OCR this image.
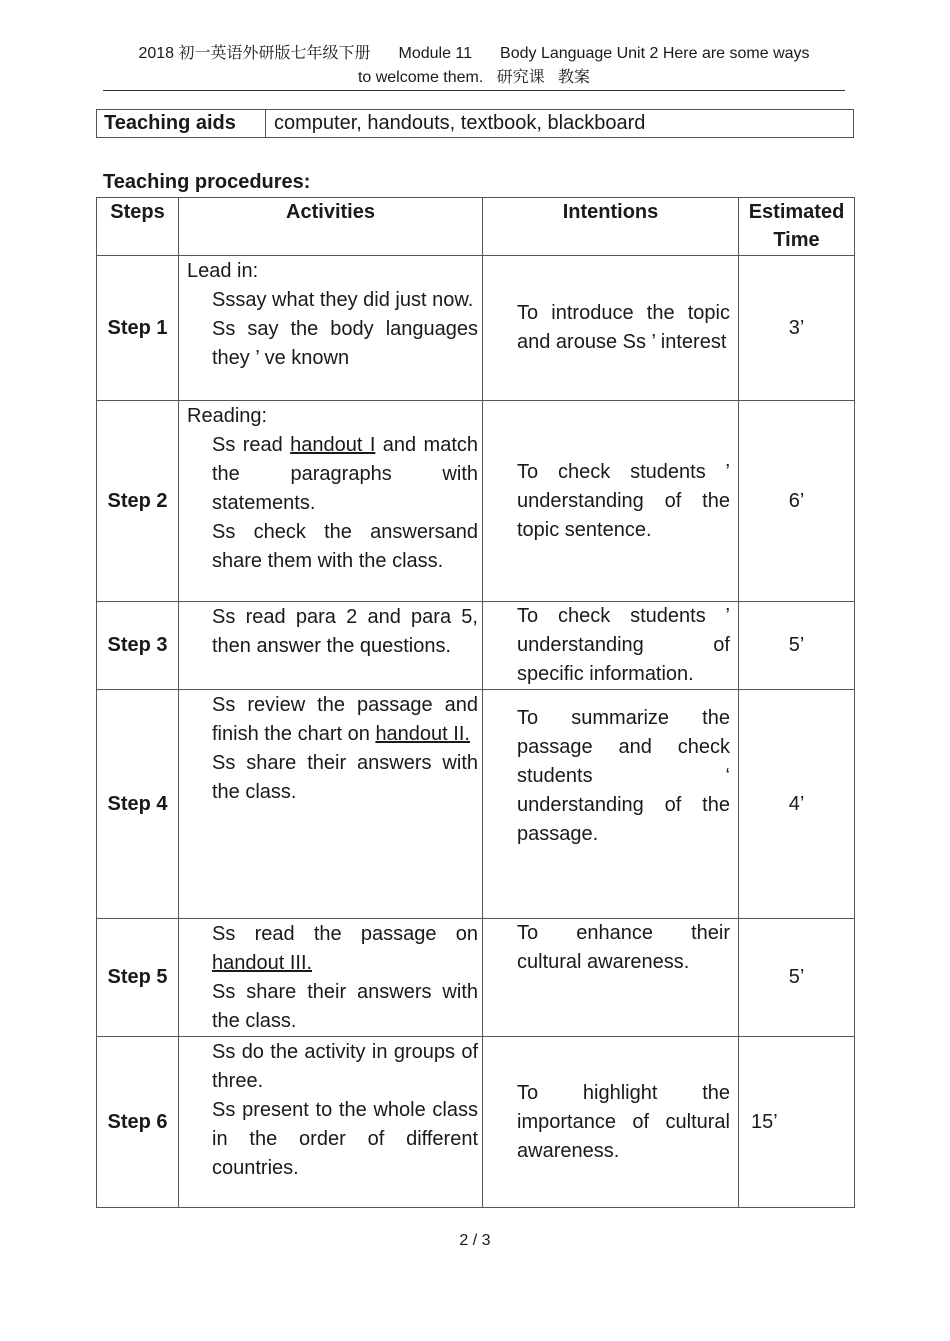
2018 初一英语外研版七年级下册 Module 11 Body Language Unit 2 Here are some ways
to welcome them. 研究课 教案
Teaching aids	computer, handouts, textbook, blackboard
Teaching procedures:
Steps	Activities	Intentions	Estimated
Time
Step 1	Lead in:
Sssay what they did just now.
Ss say the body languages they ’ ve known	To introduce the topic and arouse Ss ’ interest	3’
Step 2	Reading:
Ss read handout I and match the paragraphs with statements.
Ss check the answersand share them with the class.	To check students ’ understanding of the topic sentence.	6’
Step 3	Ss read para 2 and para 5, then answer the questions.	To check students ’ understanding of specific information.	5’
Step 4	Ss review the passage and finish the chart on handout II.
Ss share their answers with the class.	To summarize the passage and check students ‘ understanding of the passage.	4’
Step 5	Ss read the passage on handout III.
Ss share their answers with the class.	To enhance their cultural awareness.	5’
Step 6	Ss do the activity in groups of three.
Ss present to the whole class in the order of different countries.	To highlight the importance of cultural awareness.	15’
2 / 3
